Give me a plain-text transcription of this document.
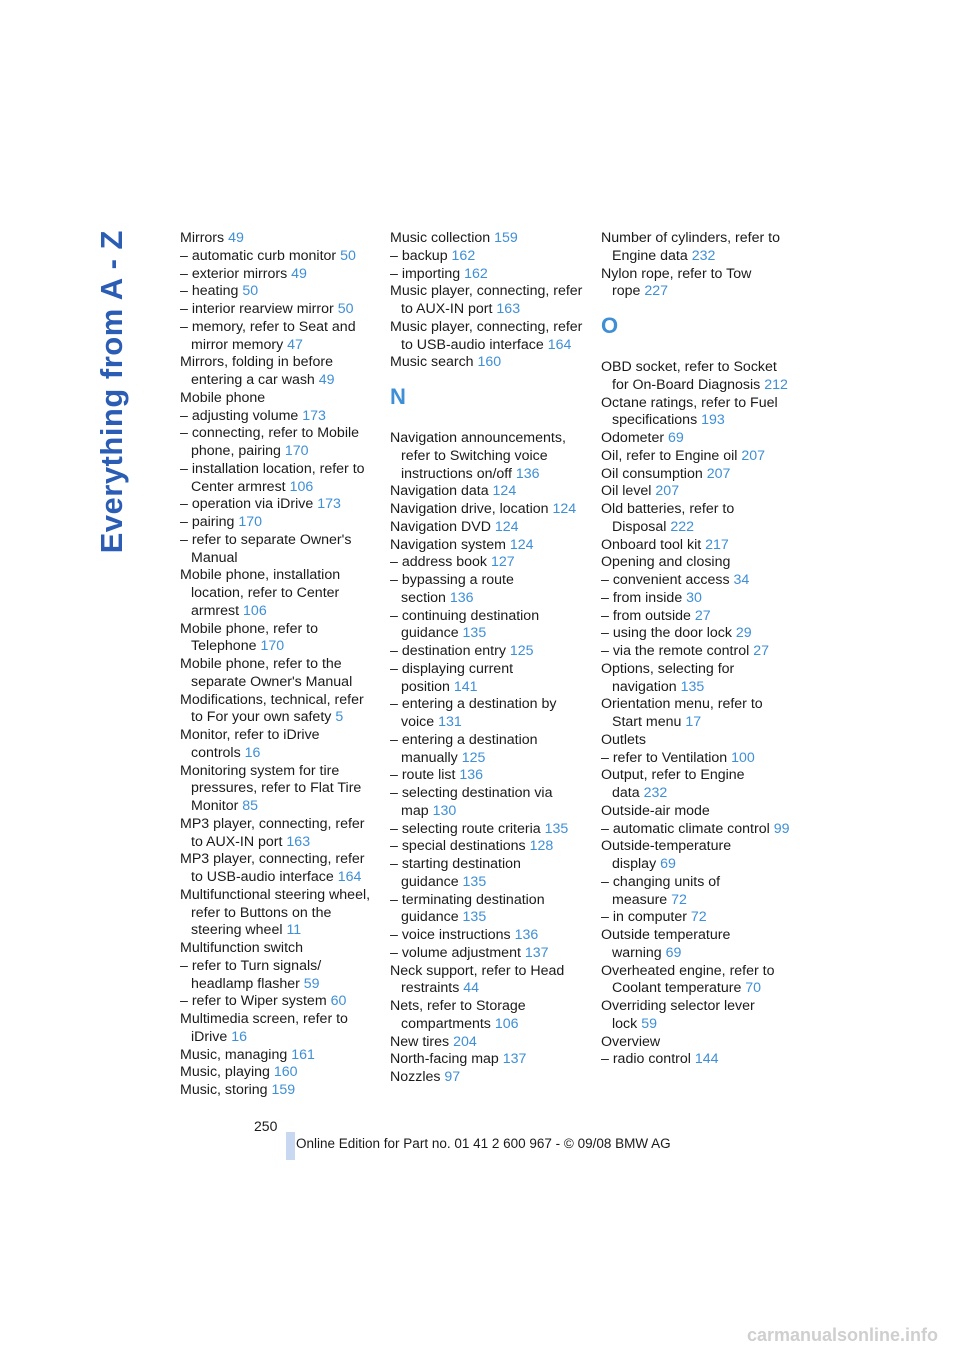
Everything from A - Z	Mirrors 49
– automatic curb monitor 50
– exterior mirrors 49
– heating 50
– interior rearview mirror 50
– memory, refer to Seat and mirror memory 47
Mirrors, folding in before entering a car wash 49
Mobile phone
– adjusting volume 173
– connecting, refer to Mobile phone, pairing 170
– installation location, refer to Center armrest 106
– operation via iDrive 173
– pairing 170
– refer to separate Owner's Manual
Mobile phone, installation location, refer to Center armrest 106
Mobile phone, refer to Telephone 170
Mobile phone, refer to the separate Owner's Manual
Modifications, technical, refer to For your own safety 5
Monitor, refer to iDrive controls 16
Monitoring system for tire pressures, refer to Flat Tire Monitor 85
MP3 player, connecting, refer to AUX-IN port 163
MP3 player, connecting, refer to USB-audio interface 164
Multifunctional steering wheel, refer to Buttons on the steering wheel 11
Multifunction switch
– refer to Turn signals/ headlamp flasher 59
– refer to Wiper system 60
Multimedia screen, refer to iDrive 16
Music, managing 161
Music, playing 160
Music, storing 159
Music collection 159
– backup 162
– importing 162
Music player, connecting, refer to AUX-IN port 163
Music player, connecting, refer to USB-audio interface 164
Music search 160
N
Navigation announcements, refer to Switching voice instructions on/off 136
Navigation data 124
Navigation drive, location 124
Navigation DVD 124
Navigation system 124
– address book 127
– bypassing a route section 136
– continuing destination guidance 135
– destination entry 125
– displaying current position 141
– entering a destination by voice 131
– entering a destination manually 125
– route list 136
– selecting destination via map 130
– selecting route criteria 135
– special destinations 128
– starting destination guidance 135
– terminating destination guidance 135
– voice instructions 136
– volume adjustment 137
Neck support, refer to Head restraints 44
Nets, refer to Storage compartments 106
New tires 204
North-facing map 137
Nozzles 97
Number of cylinders, refer to Engine data 232
Nylon rope, refer to Tow rope 227
O
OBD socket, refer to Socket for On-Board Diagnosis 212
Octane ratings, refer to Fuel specifications 193
Odometer 69
Oil, refer to Engine oil 207
Oil consumption 207
Oil level 207
Old batteries, refer to Disposal 222
Onboard tool kit 217
Opening and closing
– convenient access 34
– from inside 30
– from outside 27
– using the door lock 29
– via the remote control 27
Options, selecting for navigation 135
Orientation menu, refer to Start menu 17
Outlets
– refer to Ventilation 100
Output, refer to Engine data 232
Outside-air mode
– automatic climate control 99
Outside-temperature display 69
– changing units of measure 72
– in computer 72
Outside temperature warning 69
Overheated engine, refer to Coolant temperature 70
Overriding selector lever lock 59
Overview
– radio control 144
250
Online Edition for Part no. 01 41 2 600 967 - © 09/08 BMW AG
carmanualsonline.info
